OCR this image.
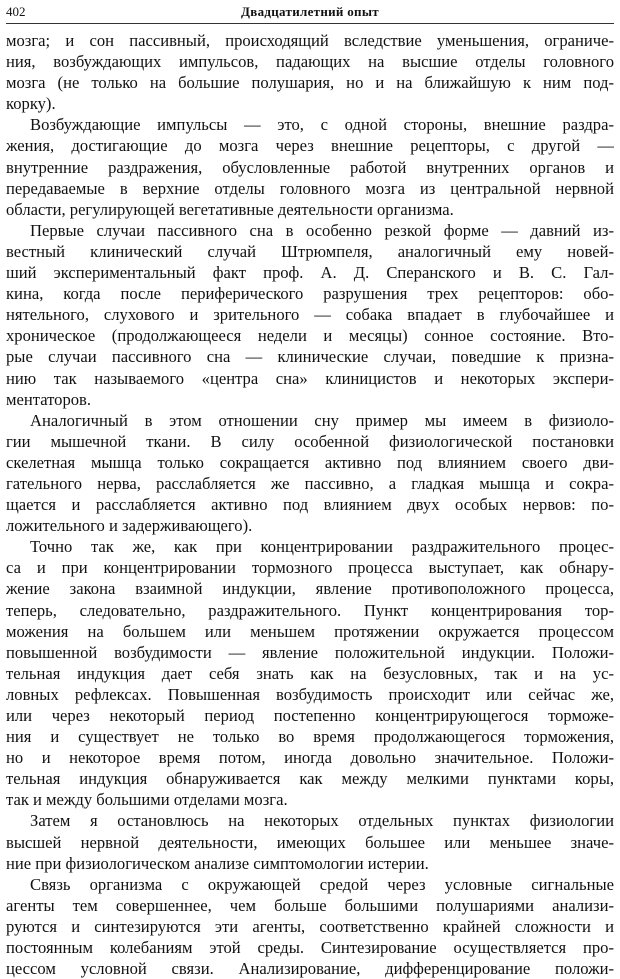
402	Двадцатилетний опыт
мозга; и сон пассивный, происходящий вследствие уменьшения, ограниче-
ния, возбуждающих импульсов, падающих на высшие отделы головного
мозга (не только на большие полушария, но и на ближайшую к ним под-
корку).
Возбуждающие импульсы — это, с одной стороны, внешние раздра-
жения, достигающие до мозга через внешние рецепторы, с другой —
внутренние раздражения, обусловленные работой внутренних органов и
передаваемые в верхние отделы головного мозга из центральной нервной
области, регулирующей вегетативные деятельности организма.
Первые случаи пассивного сна в особенно резкой форме — давний из-
вестный клинический случай Штрюмпеля, аналогичный ему новей-
ший экспериментальный факт проф. А. Д. Сперанского и В. С. Гал-
кина, когда после периферического разрушения трех рецепторов: обо-
нятельного, слухового и зрительного — собака впадает в глубочайшее и
хроническое (продолжающееся недели и месяцы) сонное состояние. Вто-
рые случаи пассивного сна — клинические случаи, поведшие к призна-
нию так называемого «центра сна» клиницистов и некоторых экспери-
ментаторов.
Аналогичный в этом отношении сну пример мы имеем в физиоло-
гии мышечной ткани. В силу особенной физиологической постановки
скелетная мышца только сокращается активно под влиянием своего дви-
гательного нерва, расслабляется же пассивно, а гладкая мышца и сокра-
щается и расслабляется активно под влиянием двух особых нервов: по-
ложительного и задерживающего).
Точно так же, как при концентрировании раздражительного процес-
са и при концентрировании тормозного процесса выступает, как обнару-
жение закона взаимной индукции, явление противоположного процесса,
теперь, следовательно, раздражительного. Пункт концентрирования тор-
можения на большем или меньшем протяжении окружается процессом
повышенной возбудимости — явление положительной индукции. Положи-
тельная индукция дает себя знать как на безусловных, так и на ус-
ловных рефлексах. Повышенная возбудимость происходит или сейчас же,
или через некоторый период постепенно концентрирующегося торможе-
ния и существует не только во время продолжающегося торможения,
но и некоторое время потом, иногда довольно значительное. Положи-
тельная индукция обнаруживается как между мелкими пунктами коры,
так и между большими отделами мозга.
Затем я остановлюсь на некоторых отдельных пунктах физиологии
высшей нервной деятельности, имеющих большее или меньшее значе-
ние при физиологическом анализе симптомологии истерии.
Связь организма с окружающей средой через условные сигнальные
агенты тем совершеннее, чем больше большими полушариями анализи-
руются и синтезируются эти агенты, соответственно крайней сложности и
постоянным колебаниям этой среды. Синтезирование осуществляется про-
цессом условной связи. Анализирование, дифференцирование положи-
